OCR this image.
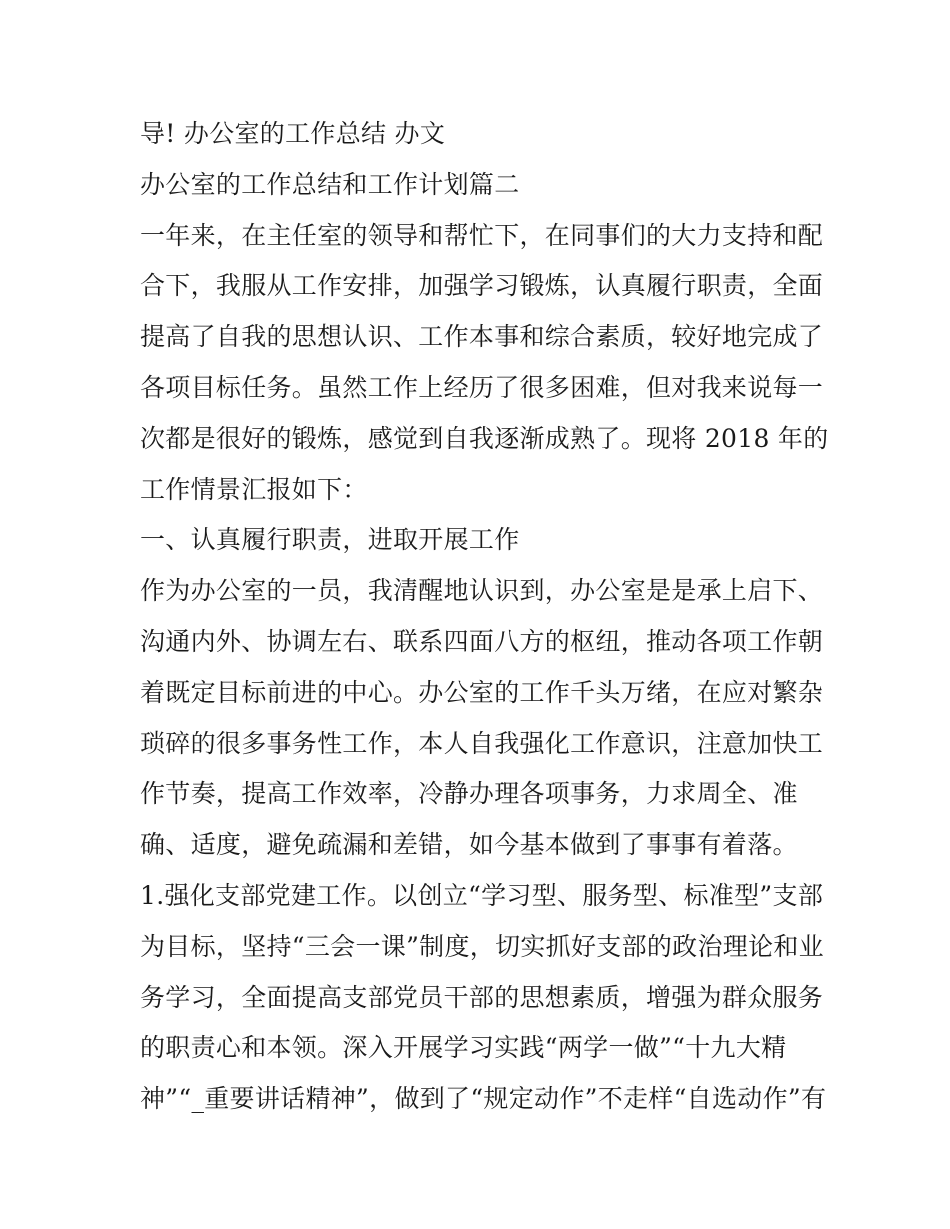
导! 办公室的工作总结 办文
办公室的工作总结和工作计划篇二
一年来，在主任室的领导和帮忙下，在同事们的大力支持和配
合下，我服从工作安排，加强学习锻炼，认真履行职责，全面
提高了自我的思想认识、工作本事和综合素质，较好地完成了
各项目标任务。虽然工作上经历了很多困难，但对我来说每一
次都是很好的锻炼，感觉到自我逐渐成熟了。现将 2018 年的
工作情景汇报如下：
一、认真履行职责，进取开展工作
作为办公室的一员，我清醒地认识到，办公室是是承上启下、
沟通内外、协调左右、联系四面八方的枢纽，推动各项工作朝
着既定目标前进的中心。办公室的工作千头万绪，在应对繁杂
琐碎的很多事务性工作，本人自我强化工作意识，注意加快工
作节奏，提高工作效率，冷静办理各项事务，力求周全、准
确、适度，避免疏漏和差错，如今基本做到了事事有着落。
1.强化支部党建工作。以创立“学习型、服务型、标准型”支部
为目标，坚持“三会一课”制度，切实抓好支部的政治理论和业
务学习，全面提高支部党员干部的思想素质，增强为群众服务
的职责心和本领。深入开展学习实践“两学一做”“十九大精
神”“_重要讲话精神”，做到了“规定动作”不走样“自选动作”有
